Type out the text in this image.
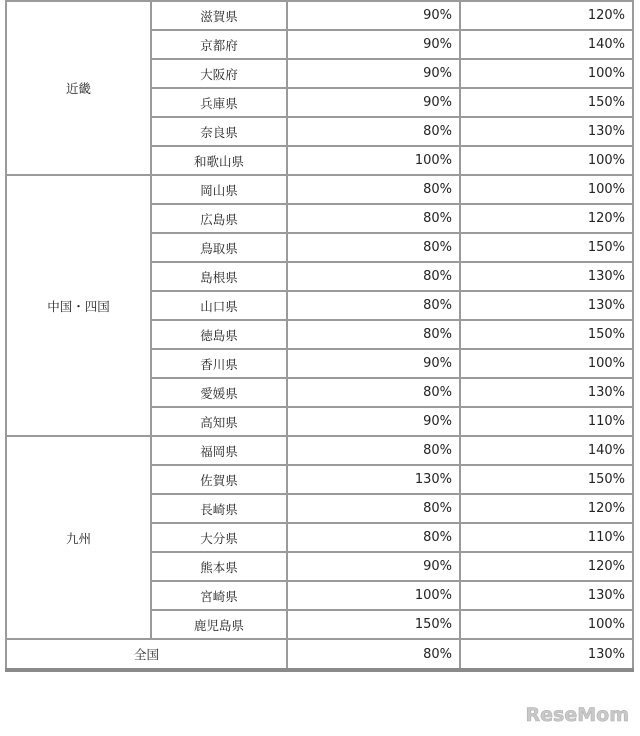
近畿	滋賀県	90%	120%
	京都府	90%	140%
	大阪府	90%	100%
	兵庫県	90%	150%
	奈良県	80%	130%
	和歌山県	100%	100%
中国・四国	岡山県	80%	100%
	広島県	80%	120%
	鳥取県	80%	150%
	島根県	80%	130%
	山口県	80%	130%
	徳島県	80%	150%
	香川県	90%	100%
	愛媛県	80%	130%
	高知県	90%	110%
九州	福岡県	80%	140%
	佐賀県	130%	150%
	長崎県	80%	120%
	大分県	80%	110%
	熊本県	90%	120%
	宮崎県	100%	130%
	鹿児島県	150%	100%
全国		80%	130%
ReseMom
